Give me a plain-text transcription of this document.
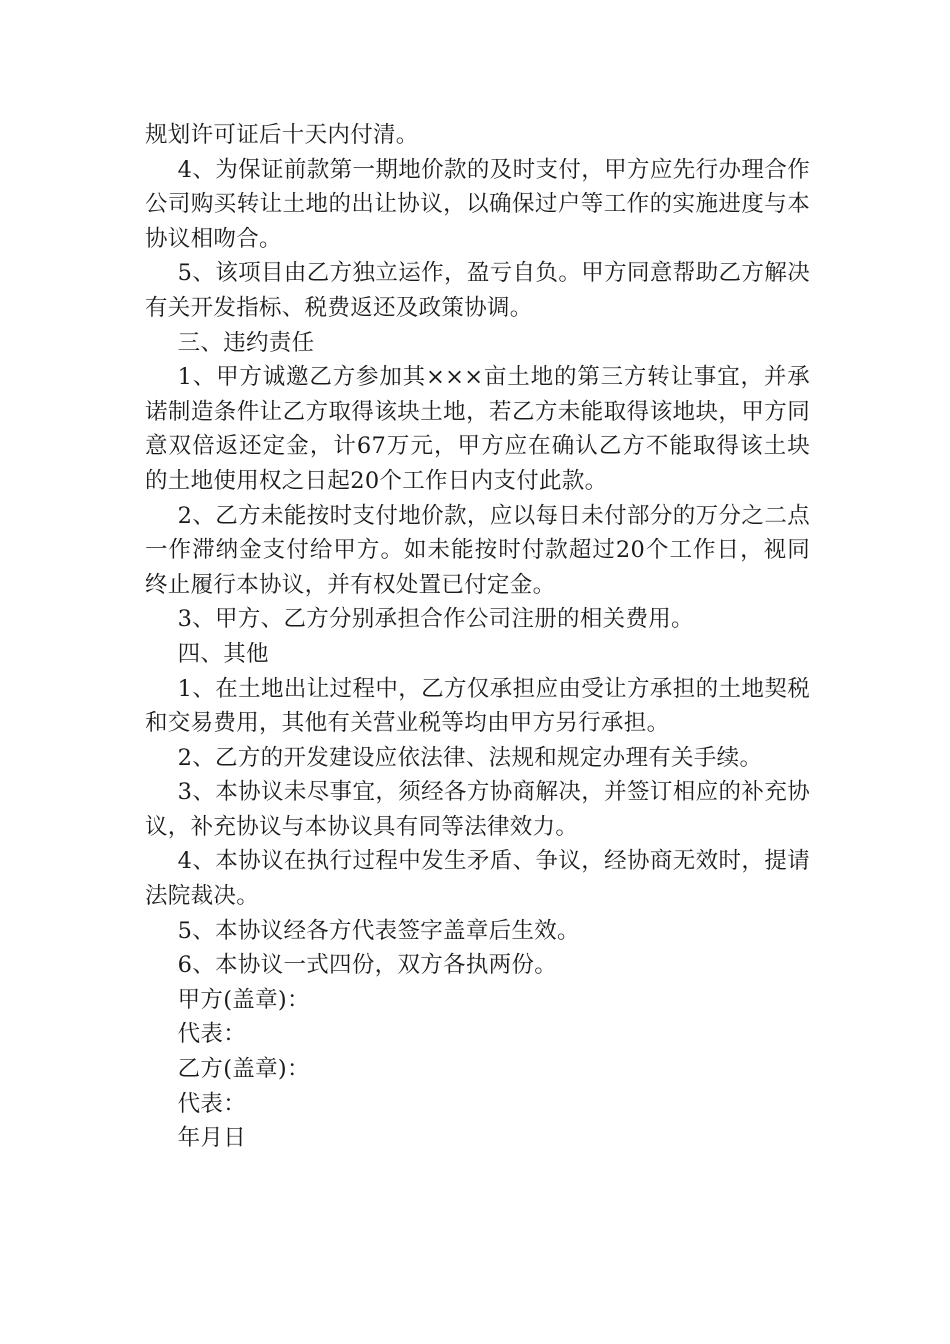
规划许可证后十天内付清。

4、为保证前款第一期地价款的及时支付，甲方应先行办理合作公司购买转让土地的出让协议，以确保过户等工作的实施进度与本协议相吻合。

5、该项目由乙方独立运作，盈亏自负。甲方同意帮助乙方解决有关开发指标、税费返还及政策协调。

三、违约责任

1、甲方诚邀乙方参加其×××亩土地的第三方转让事宜，并承诺制造条件让乙方取得该块土地，若乙方未能取得该地块，甲方同意双倍返还定金，计67万元，甲方应在确认乙方不能取得该土块的土地使用权之日起20个工作日内支付此款。

2、乙方未能按时支付地价款，应以每日未付部分的万分之二点一作滞纳金支付给甲方。如未能按时付款超过20个工作日，视同终止履行本协议，并有权处置已付定金。

3、甲方、乙方分别承担合作公司注册的相关费用。

四、其他

1、在土地出让过程中，乙方仅承担应由受让方承担的土地契税和交易费用，其他有关营业税等均由甲方另行承担。

2、乙方的开发建设应依法律、法规和规定办理有关手续。

3、本协议未尽事宜，须经各方协商解决，并签订相应的补充协议，补充协议与本协议具有同等法律效力。

4、本协议在执行过程中发生矛盾、争议，经协商无效时，提请法院裁决。

5、本协议经各方代表签字盖章后生效。

6、本协议一式四份，双方各执两份。

甲方(盖章)：

代表：

乙方(盖章)：

代表：

年月日
